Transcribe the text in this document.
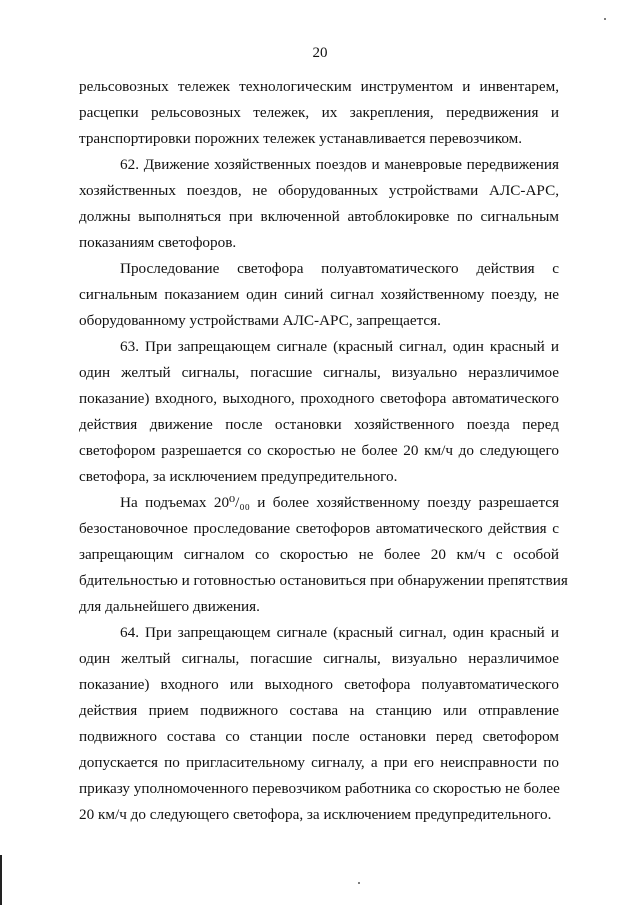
20
рельсовозных тележек технологическим инструментом и инвентарем,
расцепки рельсовозных тележек, их закрепления, передвижения и
транспортировки порожних тележек устанавливается перевозчиком.
62. Движение хозяйственных поездов и маневровые передвижения
хозяйственных поездов, не оборудованных устройствами АЛС-АРС,
должны выполняться при включенной автоблокировке по сигнальным
показаниям светофоров.
Проследование светофора полуавтоматического действия с
сигнальным показанием один синий сигнал хозяйственному поезду, не
оборудованному устройствами АЛС-АРС, запрещается.
63. При запрещающем сигнале (красный сигнал, один красный и
один желтый сигналы, погасшие сигналы, визуально неразличимое
показание) входного, выходного, проходного светофора автоматического
действия движение после остановки хозяйственного поезда перед
светофором разрешается со скоростью не более 20 км/ч до следующего
светофора, за исключением предупредительного.
На подъемах 20⁰/₀₀ и более хозяйственному поезду разрешается
безостановочное проследование светофоров автоматического действия с
запрещающим сигналом со скоростью не более 20 км/ч с особой
бдительностью и готовностью остановиться при обнаружении препятствия
для дальнейшего движения.
64. При запрещающем сигнале (красный сигнал, один красный и
один желтый сигналы, погасшие сигналы, визуально неразличимое
показание) входного или выходного светофора полуавтоматического
действия прием подвижного состава на станцию или отправление
подвижного состава со станции после остановки перед светофором
допускается по пригласительному сигналу, а при его неисправности по
приказу уполномоченного перевозчиком работника со скоростью не более
20 км/ч до следующего светофора, за исключением предупредительного.
